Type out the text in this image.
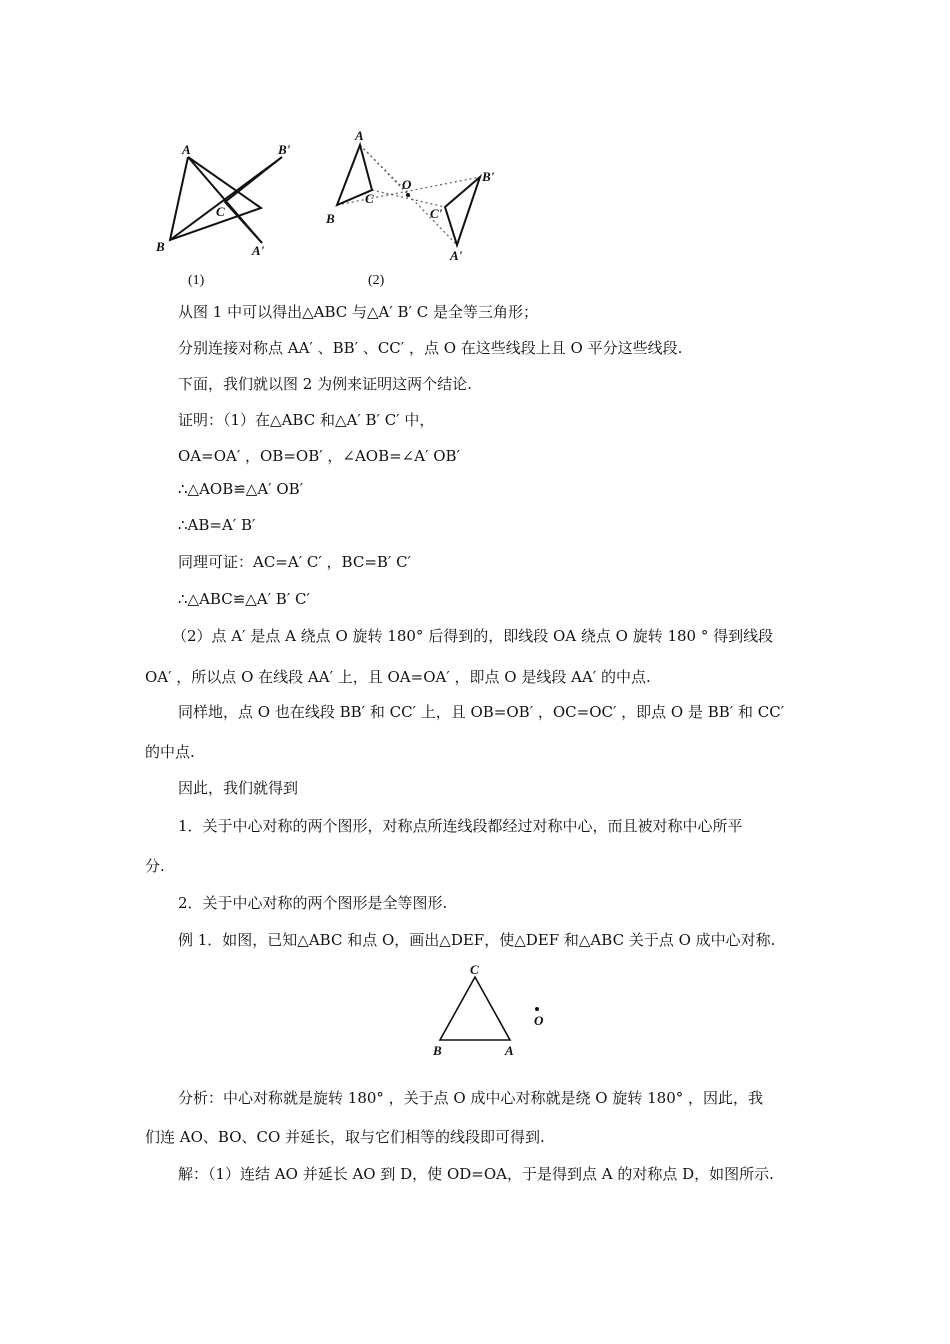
A
B
C
B'
A'
A
B
C
O
B'
C'
A'
(1)	(2)
从图 1 中可以得出△ABC 与△A′ B′ C 是全等三角形；
分别连接对称点 AA′ 、BB′ 、CC′ ，点 O 在这些线段上且 O 平分这些线段.
下面，我们就以图 2 为例来证明这两个结论.
证明：（1）在△ABC 和△A′ B′ C′ 中，
OA=OA′ ，OB=OB′ ，∠AOB=∠A′ OB′
∴△AOB≌△A′ OB′
∴AB=A′ B′
同理可证：AC=A′ C′ ，BC=B′ C′
∴△ABC≌△A′ B′ C′
（2）点 A′ 是点 A 绕点 O 旋转 180° 后得到的，即线段 OA 绕点 O 旋转 180 ° 得到线段
OA′ ，所以点 O 在线段 AA′ 上，且 OA=OA′ ，即点 O 是线段 AA′ 的中点.
同样地，点 O 也在线段 BB′ 和 CC′ 上，且 OB=OB′ ，OC=OC′ ，即点 O 是 BB′ 和 CC′
的中点.
因此，我们就得到
1．关于中心对称的两个图形，对称点所连线段都经过对称中心，而且被对称中心所平
分.
2．关于中心对称的两个图形是全等图形.
例 1．如图，已知△ABC 和点 O，画出△DEF，使△DEF 和△ABC 关于点 O 成中心对称.
C
B	A
O
分析：中心对称就是旋转 180° ，关于点 O 成中心对称就是绕 O 旋转 180° ，因此，我
们连 AO、BO、CO 并延长，取与它们相等的线段即可得到.
解：（1）连结 AO 并延长 AO 到 D，使 OD=OA，于是得到点 A 的对称点 D，如图所示.
